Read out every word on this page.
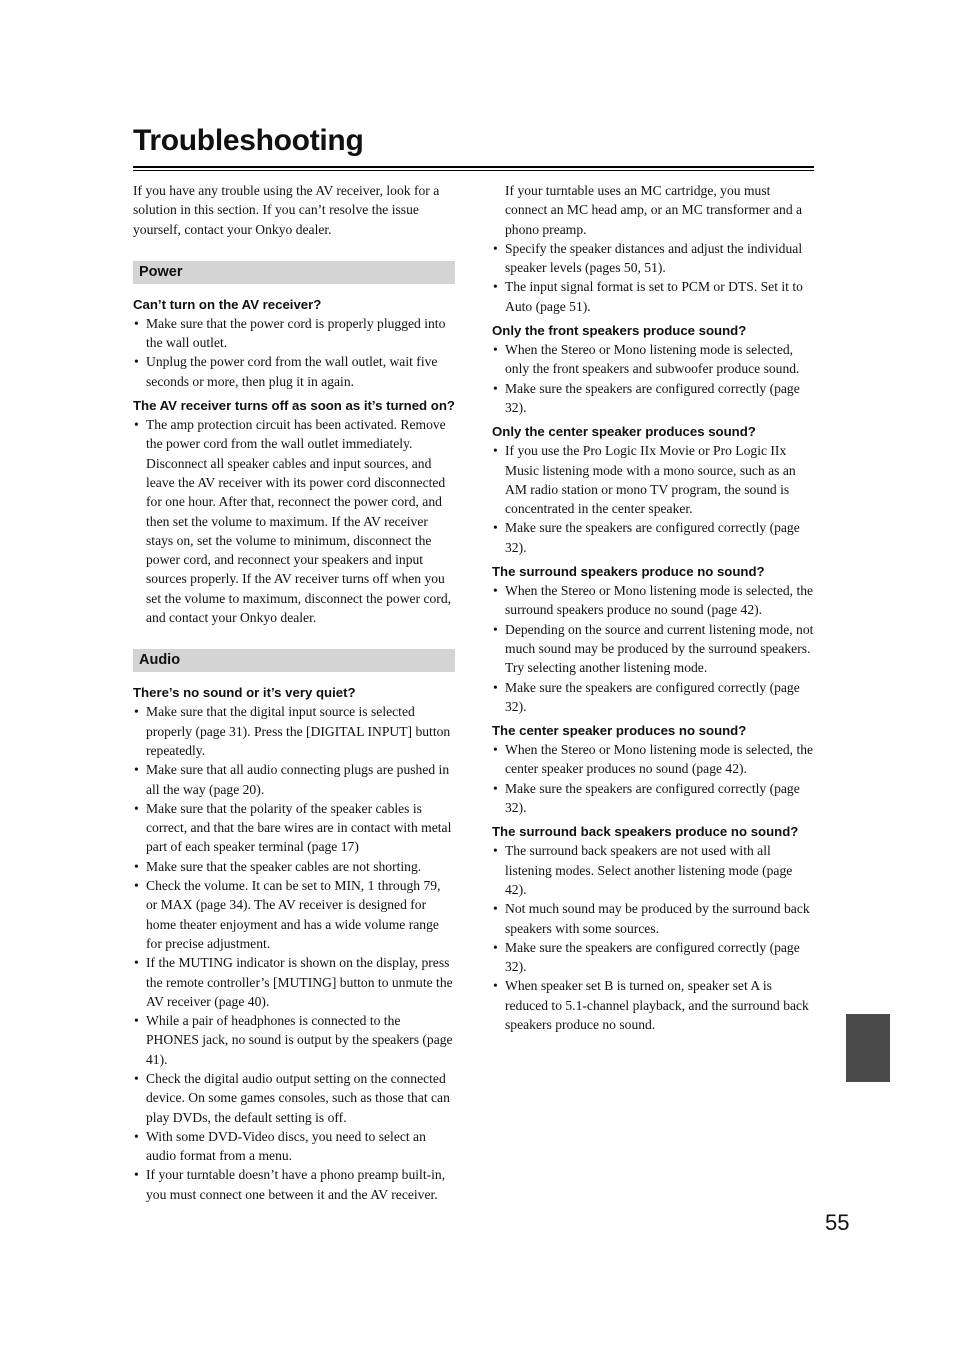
Troubleshooting

If you have any trouble using the AV receiver, look for a solution in this section. If you can’t resolve the issue yourself, contact your Onkyo dealer.

Power

Can’t turn on the AV receiver?

• Make sure that the power cord is properly plugged into the wall outlet.
• Unplug the power cord from the wall outlet, wait five seconds or more, then plug it in again.

The AV receiver turns off as soon as it’s turned on?

• The amp protection circuit has been activated. Remove the power cord from the wall outlet immediately. Disconnect all speaker cables and input sources, and leave the AV receiver with its power cord disconnected for one hour. After that, reconnect the power cord, and then set the volume to maximum. If the AV receiver stays on, set the volume to minimum, disconnect the power cord, and reconnect your speakers and input sources properly. If the AV receiver turns off when you set the volume to maximum, disconnect the power cord, and contact your Onkyo dealer.
Audio

There’s no sound or it’s very quiet?

• Make sure that the digital input source is selected properly (page 31). Press the [DIGITAL INPUT] button repeatedly.
• Make sure that all audio connecting plugs are pushed in all the way (page 20).
• Make sure that the polarity of the speaker cables is correct, and that the bare wires are in contact with metal part of each speaker terminal (page 17)
• Make sure that the speaker cables are not shorting.
• Check the volume. It can be set to MIN, 1 through 79, or MAX (page 34). The AV receiver is designed for home theater enjoyment and has a wide volume range for precise adjustment.
• If the MUTING indicator is shown on the display, press the remote controller’s [MUTING] button to unmute the AV receiver (page 40).
• While a pair of headphones is connected to the PHONES jack, no sound is output by the speakers (page 41).
• Check the digital audio output setting on the connected device. On some games consoles, such as those that can play DVDs, the default setting is off.
• With some DVD-Video discs, you need to select an audio format from a menu.
• If your turntable doesn’t have a phono preamp built-in, you must connect one between it and the AV receiver.

If your turntable uses an MC cartridge, you must connect an MC head amp, or an MC transformer and a phono preamp.

• Specify the speaker distances and adjust the individual speaker levels (pages 50, 51).
• The input signal format is set to PCM or DTS. Set it to Auto (page 51).

Only the front speakers produce sound?

• When the Stereo or Mono listening mode is selected, only the front speakers and subwoofer produce sound.
• Make sure the speakers are configured correctly (page 32).

Only the center speaker produces sound?

• If you use the Pro Logic IIx Movie or Pro Logic IIx Music listening mode with a mono source, such as an AM radio station or mono TV program, the sound is concentrated in the center speaker.
• Make sure the speakers are configured correctly (page 32).

The surround speakers produce no sound?

• When the Stereo or Mono listening mode is selected, the surround speakers produce no sound (page 42).
• Depending on the source and current listening mode, not much sound may be produced by the surround speakers. Try selecting another listening mode.
• Make sure the speakers are configured correctly (page 32).

The center speaker produces no sound?

• When the Stereo or Mono listening mode is selected, the center speaker produces no sound (page 42).
• Make sure the speakers are configured correctly (page 32).

The surround back speakers produce no sound?

• The surround back speakers are not used with all listening modes. Select another listening mode (page 42).
• Not much sound may be produced by the surround back speakers with some sources.
• Make sure the speakers are configured correctly (page 32).
• When speaker set B is turned on, speaker set A is reduced to 5.1-channel playback, and the surround back speakers produce no sound.
55
